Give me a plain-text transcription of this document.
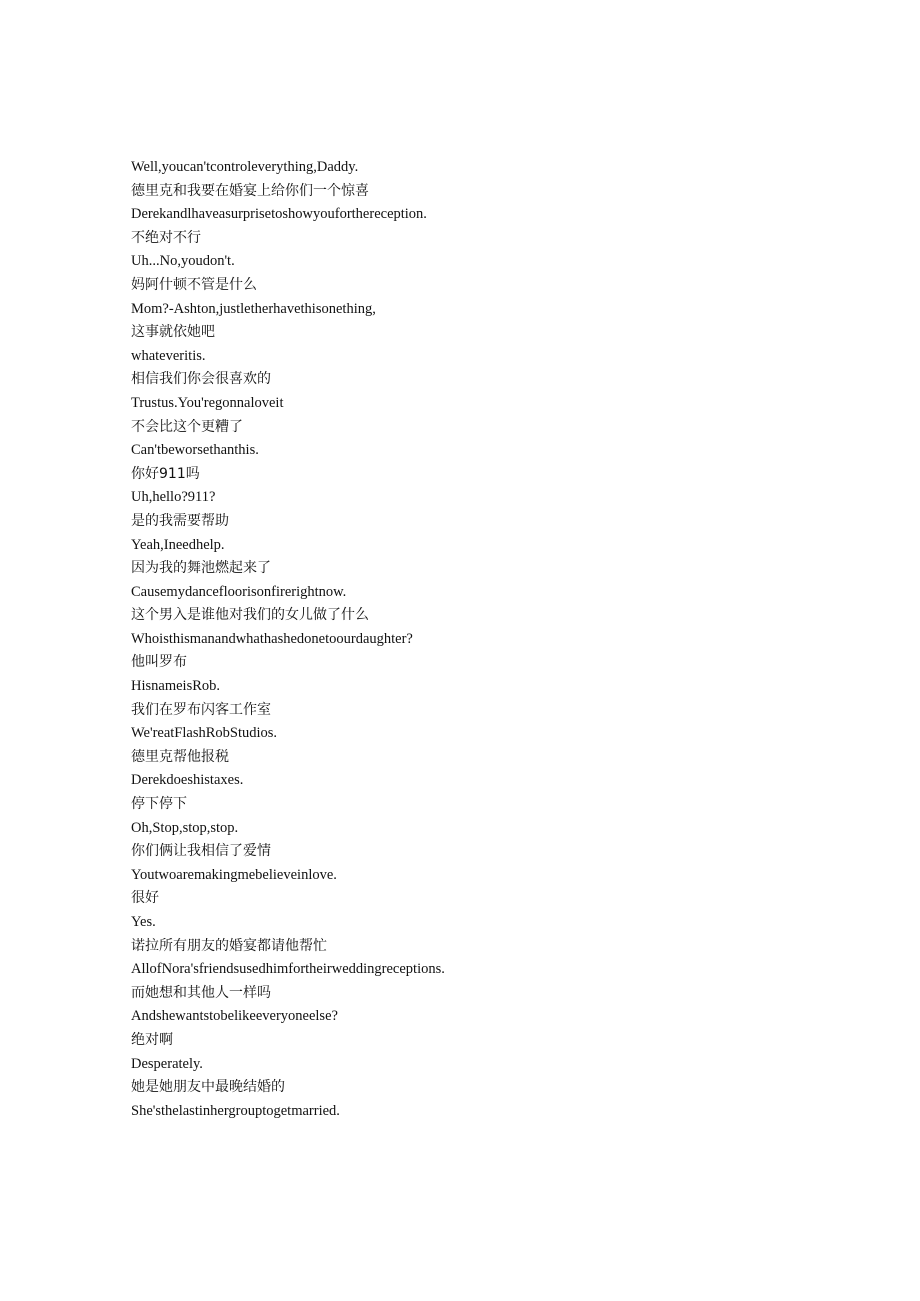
Well,youcan'tcontroleverything,Daddy.
德里克和我要在婚宴上给你们一个惊喜
Derekandlhaveasurprisetoshowyouforthereception.
不绝对不行
Uh...No,youdon't.
妈阿什顿不管是什么
Mom?-Ashton,justletherhavethisonething,
这事就依她吧
whateveritis.
相信我们你会很喜欢的
Trustus.You'regonnaloveit
不会比这个更糟了
Can'tbeworsethanthis.
你好911吗
Uh,hello?911?
是的我需要帮助
Yeah,Ineedhelp.
因为我的舞池燃起来了
Causemydancefloorisonfirerightnow.
这个男入是谁他对我们的女儿做了什么
Whoisthismanandwhathashedonetoourdaughter?
他叫罗布
HisnameisRob.
我们在罗布闪客工作室
We'reatFlashRobStudios.
德里克帮他报税
Derekdoeshistaxes.
停下停下
Oh,Stop,stop,stop.
你们俩让我相信了爱情
Youtwoaremakingmebelieveinlove.
很好
Yes.
诺拉所有朋友的婚宴都请他帮忙
AllofNora'sfriendsusedhimfortheirweddingreceptions.
而她想和其他人一样吗
Andshewantstobelikeeveryoneelse?
绝对啊
Desperately.
她是她朋友中最晚结婚的
She'sthelastinhergrouptogetmarried.
